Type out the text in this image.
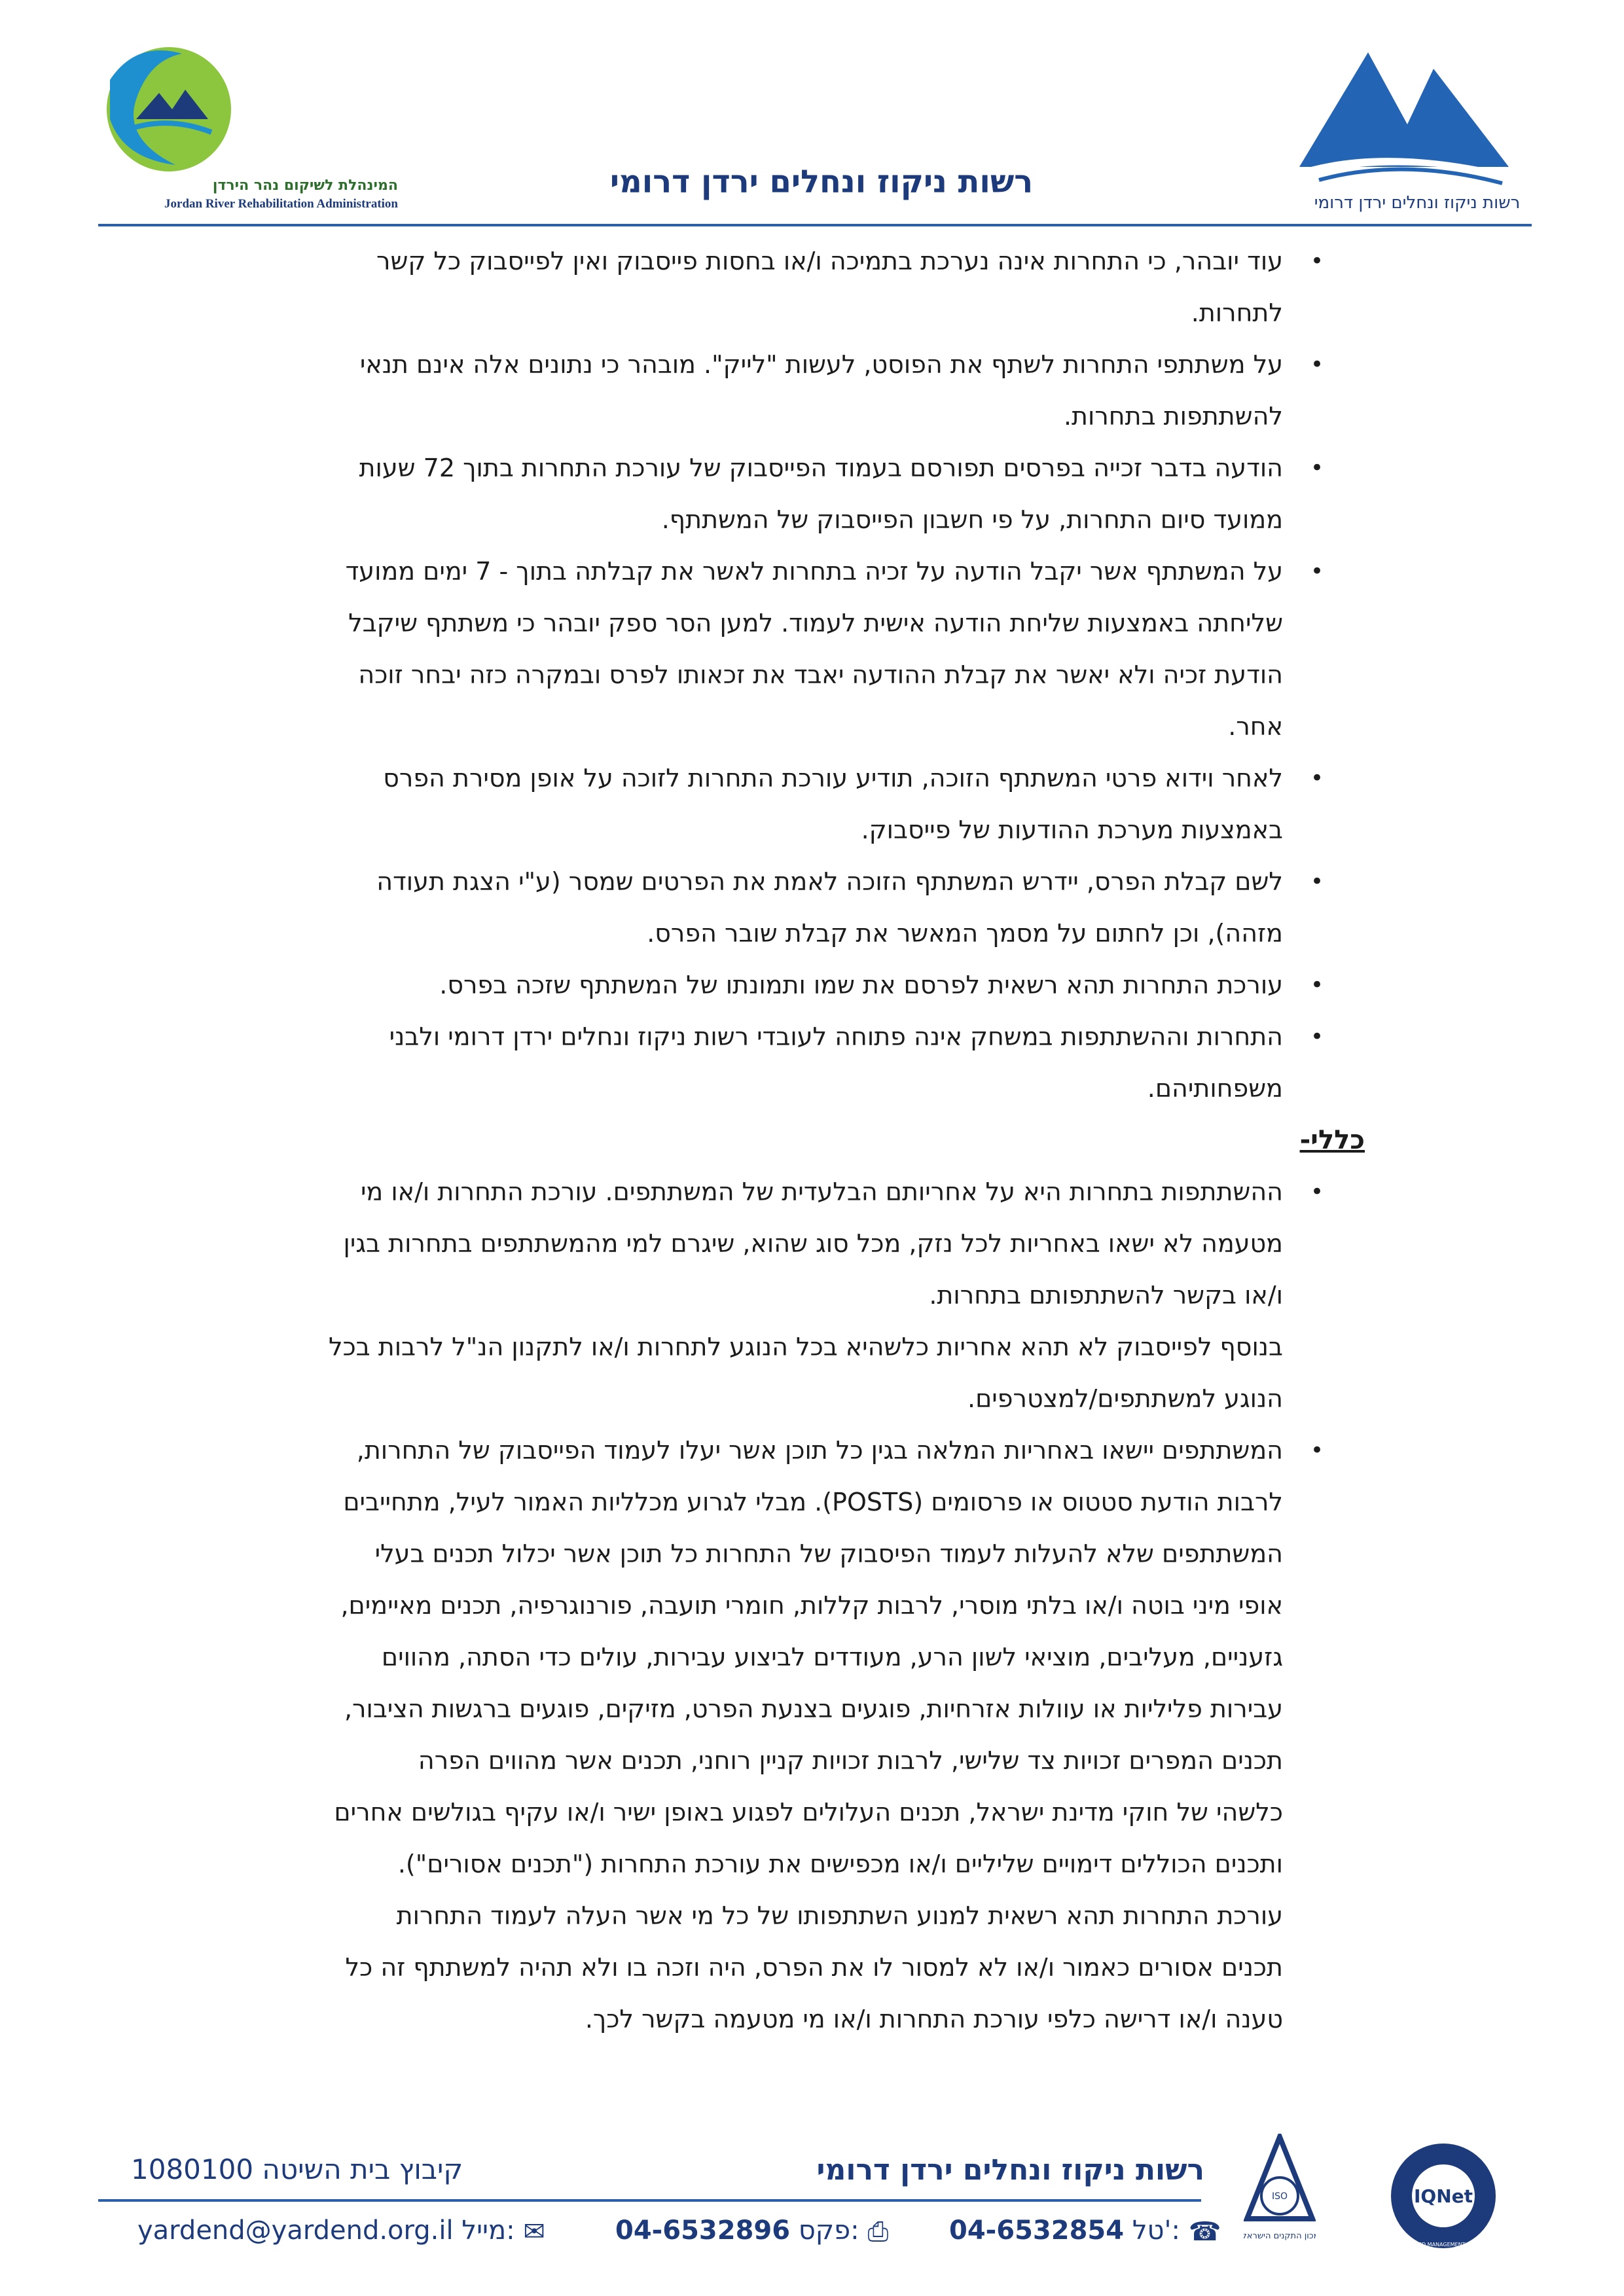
רשות ניקוז ונחלים ירדן דרומי
המינהלת לשיקום נהר הירדן
Jordan River Rehabilitation Administration
רשות ניקוז ונחלים ירדן דרומי
•
עוד יובהר, כי התחרות אינה נערכת בתמיכה ו/או בחסות פייסבוק ואין לפייסבוק כל קשר
לתחרות.
•
על משתתפי התחרות לשתף את הפוסט, לעשות "לייק". מובהר כי נתונים אלה אינם תנאי
להשתתפות בתחרות.
•
הודעה בדבר זכייה בפרסים תפורסם בעמוד הפייסבוק של עורכת התחרות בתוך 72 שעות
ממועד סיום התחרות, על פי חשבון הפייסבוק של המשתתף.
•
על המשתתף אשר יקבל הודעה על זכיה בתחרות לאשר את קבלתה בתוך - 7 ימים ממועד
שליחתה באמצעות שליחת הודעה אישית לעמוד. למען הסר ספק יובהר כי משתתף שיקבל
הודעת זכיה ולא יאשר את קבלת ההודעה יאבד את זכאותו לפרס ובמקרה כזה יבחר זוכה
אחר.
•
לאחר וידוא פרטי המשתתף הזוכה, תודיע עורכת התחרות לזוכה על אופן מסירת הפרס
באמצעות מערכת ההודעות של פייסבוק.
•
לשם קבלת הפרס, יידרש המשתתף הזוכה לאמת את הפרטים שמסר (ע"י הצגת תעודה
מזהה), וכן לחתום על מסמך המאשר את קבלת שובר הפרס.
•
עורכת התחרות תהא רשאית לפרסם את שמו ותמונתו של המשתתף שזכה בפרס.
•
התחרות וההשתתפות במשחק אינה פתוחה לעובדי רשות ניקוז ונחלים ירדן דרומי ולבני
משפחותיהם.
כללי-
•
ההשתתפות בתחרות היא על אחריותם הבלעדית של המשתתפים. עורכת התחרות ו/או מי
מטעמה לא ישאו באחריות לכל נזק, מכל סוג שהוא, שיגרם למי מהמשתתפים בתחרות בגין
ו/או בקשר להשתתפותם בתחרות.
בנוסף לפייסבוק לא תהא אחריות כלשהיא בכל הנוגע לתחרות ו/או לתקנון הנ"ל לרבות בכל
הנוגע למשתתפים/למצטרפים.
•
המשתתפים יישאו באחריות המלאה בגין כל תוכן אשר יעלו לעמוד הפייסבוק של התחרות,
לרבות הודעת סטטוס או פרסומים (POSTS). מבלי לגרוע מכלליות האמור לעיל, מתחייבים
המשתתפים שלא להעלות לעמוד הפיסבוק של התחרות כל תוכן אשר יכלול תכנים בעלי
אופי מיני בוטה ו/או בלתי מוסרי, לרבות קללות, חומרי תועבה, פורנוגרפיה, תכנים מאיימים,
גזעניים, מעליבים, מוציאי לשון הרע, מעודדים לביצוע עבירות, עולים כדי הסתה, מהווים
עבירות פליליות או עוולות אזרחיות, פוגעים בצנעת הפרט, מזיקים, פוגעים ברגשות הציבור,
תכנים המפרים זכויות צד שלישי, לרבות זכויות קניין רוחני, תכנים אשר מהווים הפרה
כלשהי של חוקי מדינת ישראל, תכנים העלולים לפגוע באופן ישיר ו/או עקיף בגולשים אחרים
ותכנים הכוללים דימויים שליליים ו/או מכפישים את עורכת התחרות ("תכנים אסורים").
עורכת התחרות תהא רשאית למנוע השתתפותו של כל מי אשר העלה לעמוד התחרות
תכנים אסורים כאמור ו/או לא למסור לו את הפרס, היה וזכה בו ולא תהיה למשתתף זה כל
טענה ו/או דרישה כלפי עורכת התחרות ו/או מי מטעמה בקשר לכך.
ISO
מכון התקנים הישראלי
IQNet
CERTIFIED MANAGEMENT SYSTEM
רשות ניקוז ונחלים ירדן דרומי
קיבוץ בית השיטה 1080100
04-6532854 טל': ☎
04-6532896 פקס: ⎙
yardend@yardend.org.il מייל: ✉
